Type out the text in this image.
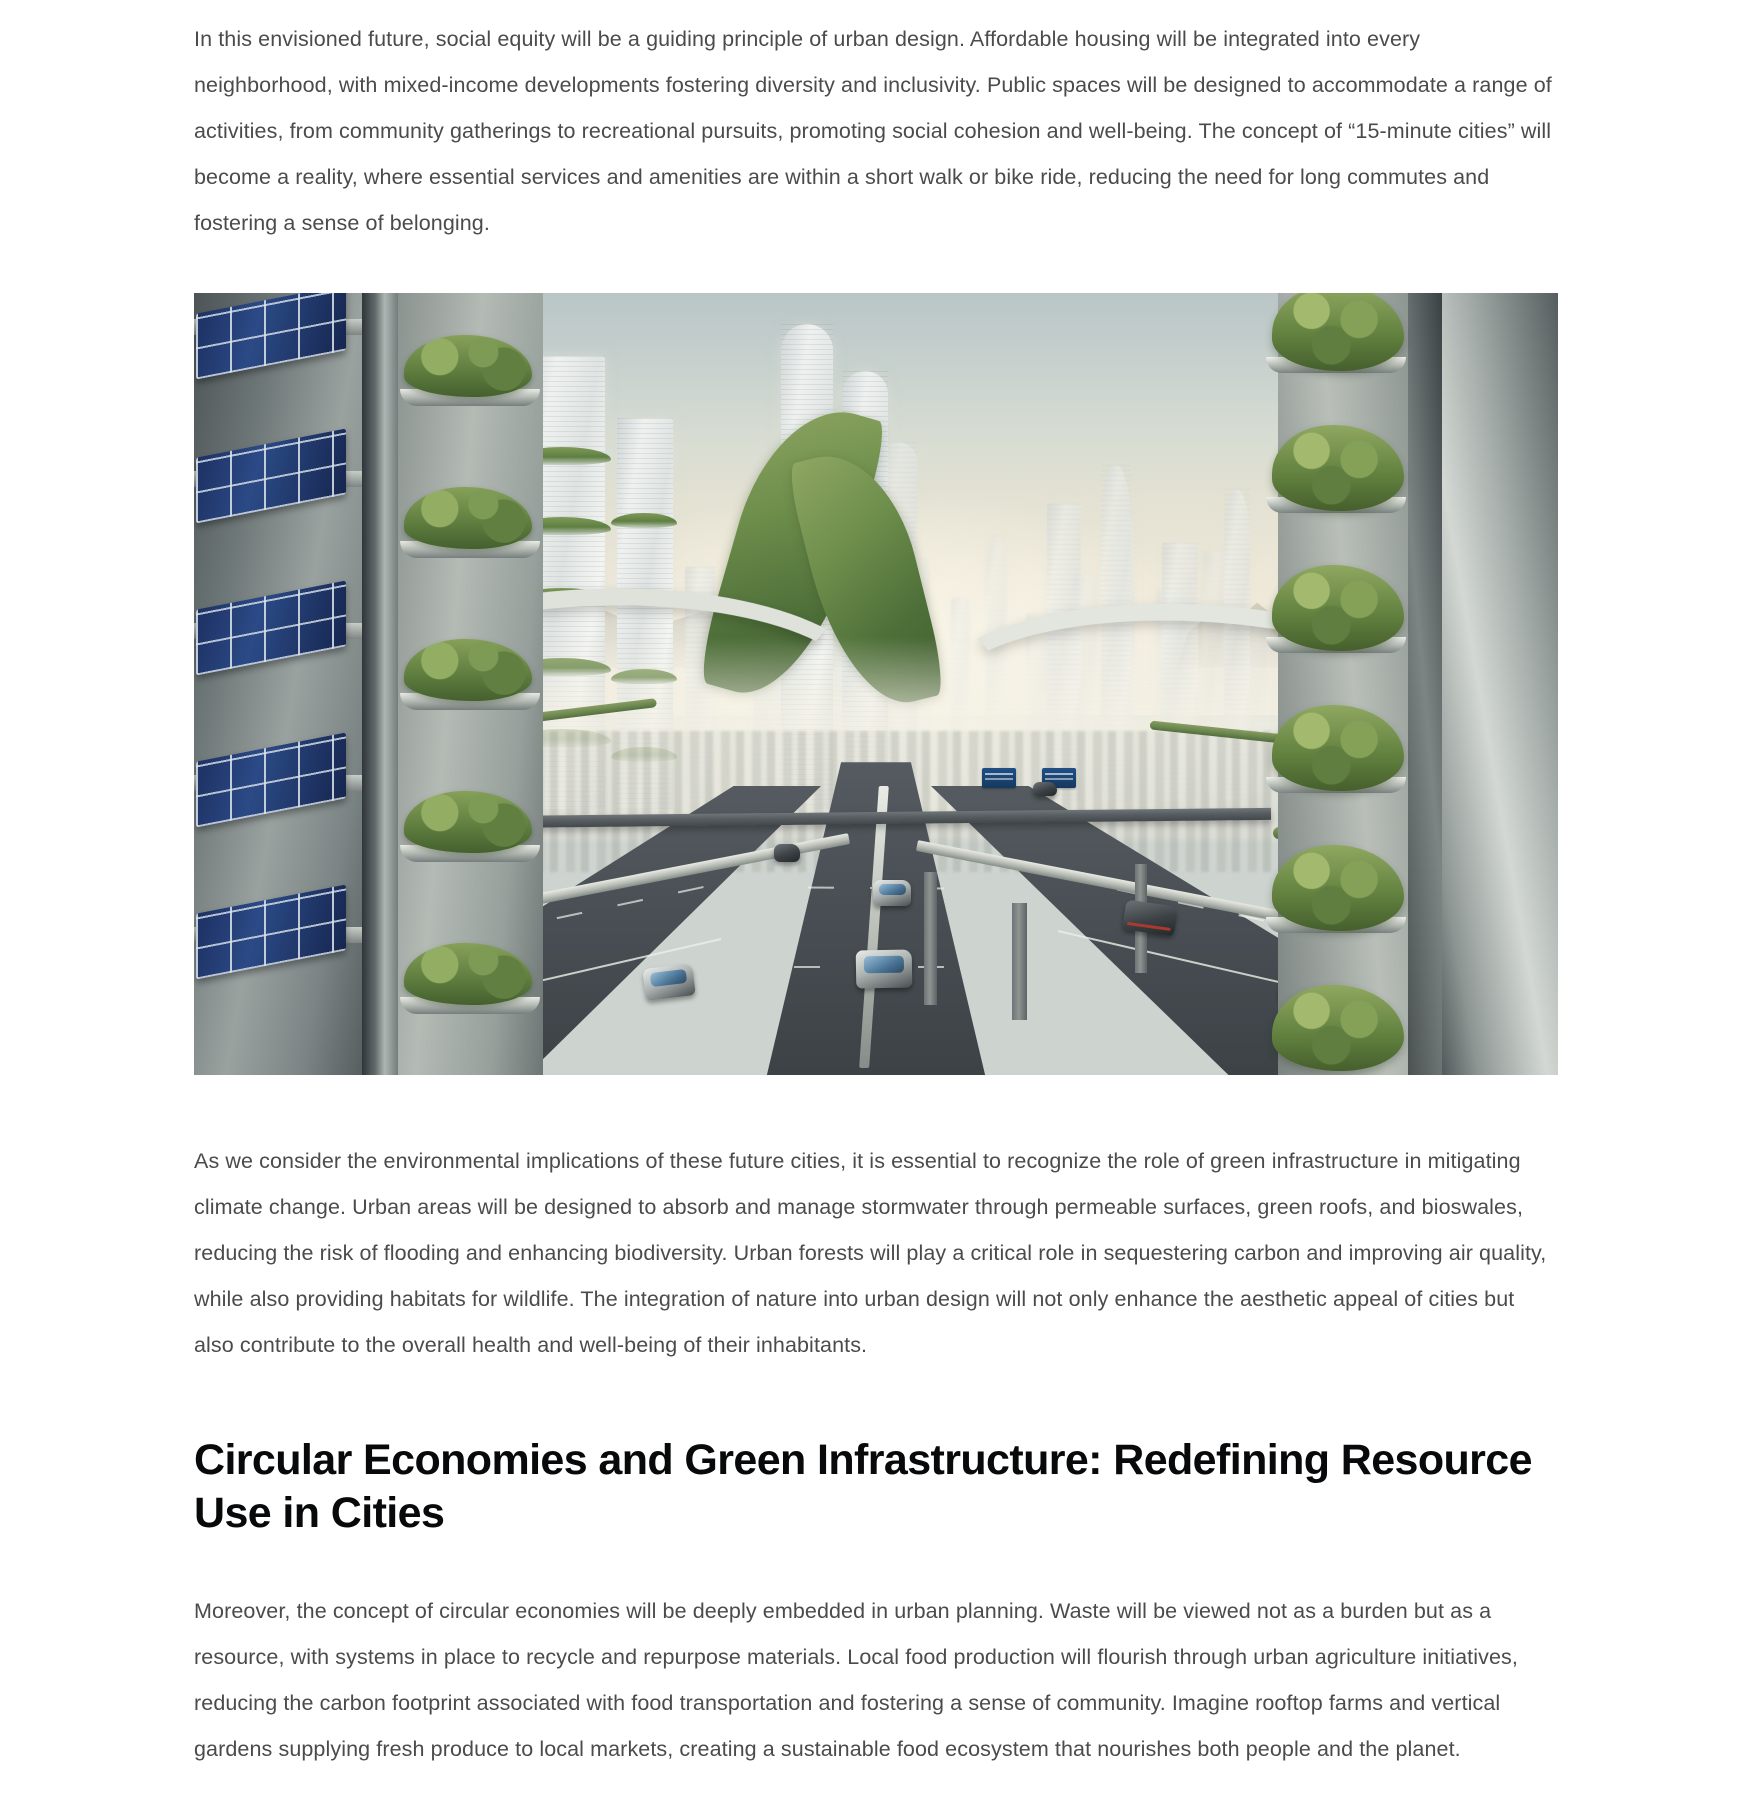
In this envisioned future, social equity will be a guiding principle of urban design. Affordable housing will be integrated into every neighborhood, with mixed-income developments fostering diversity and inclusivity. Public spaces will be designed to accommodate a range of activities, from community gatherings to recreational pursuits, promoting social cohesion and well-being. The concept of “15-minute cities” will become a reality, where essential services and amenities are within a short walk or bike ride, reducing the need for long commutes and fostering a sense of belonging.

As we consider the environmental implications of these future cities, it is essential to recognize the role of green infrastructure in mitigating climate change. Urban areas will be designed to absorb and manage stormwater through permeable surfaces, green roofs, and bioswales, reducing the risk of flooding and enhancing biodiversity. Urban forests will play a critical role in sequestering carbon and improving air quality, while also providing habitats for wildlife. The integration of nature into urban design will not only enhance the aesthetic appeal of cities but also contribute to the overall health and well-being of their inhabitants.

Circular Economies and Green Infrastructure: Redefining Resource Use in Cities

Moreover, the concept of circular economies will be deeply embedded in urban planning. Waste will be viewed not as a burden but as a resource, with systems in place to recycle and repurpose materials. Local food production will flourish through urban agriculture initiatives, reducing the carbon footprint associated with food transportation and fostering a sense of community. Imagine rooftop farms and vertical gardens supplying fresh produce to local markets, creating a sustainable food ecosystem that nourishes both people and the planet.
